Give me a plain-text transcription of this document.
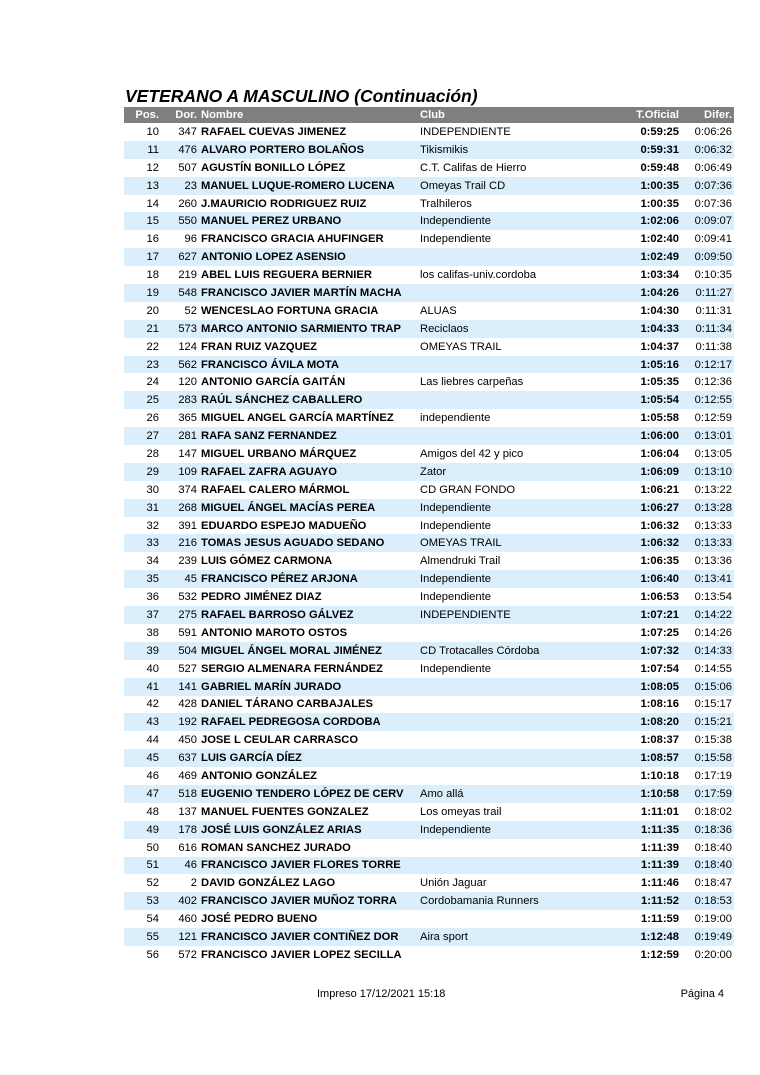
VETERANO A MASCULINO (Continuación)
Pos.	Dor.	Nombre	Club	T.Oficial	Difer.
10	347	RAFAEL CUEVAS JIMENEZ	INDEPENDIENTE	0:59:25	0:06:26
11	476	ALVARO PORTERO BOLAÑOS	Tikismikis	0:59:31	0:06:32
12	507	AGUSTÍN BONILLO LÓPEZ	C.T. Califas de Hierro	0:59:48	0:06:49
13	23	MANUEL LUQUE-ROMERO LUCENA	Omeyas Trail CD	1:00:35	0:07:36
14	260	J.MAURICIO RODRIGUEZ RUIZ	Tralhileros	1:00:35	0:07:36
15	550	MANUEL PEREZ URBANO	Independiente	1:02:06	0:09:07
16	96	FRANCISCO GRACIA AHUFINGER	Independiente	1:02:40	0:09:41
17	627	ANTONIO LOPEZ ASENSIO		1:02:49	0:09:50
18	219	ABEL LUIS REGUERA BERNIER	los califas-univ.cordoba	1:03:34	0:10:35
19	548	FRANCISCO JAVIER MARTÍN MACHA		1:04:26	0:11:27
20	52	WENCESLAO FORTUNA GRACIA	ALUAS	1:04:30	0:11:31
21	573	MARCO ANTONIO SARMIENTO TRAP	Reciclaos	1:04:33	0:11:34
22	124	FRAN RUIZ VAZQUEZ	OMEYAS TRAIL	1:04:37	0:11:38
23	562	FRANCISCO ÁVILA MOTA		1:05:16	0:12:17
24	120	ANTONIO GARCÍA GAITÁN	Las liebres carpeñas	1:05:35	0:12:36
25	283	RAÚL SÁNCHEZ CABALLERO		1:05:54	0:12:55
26	365	MIGUEL ANGEL GARCÍA MARTÍNEZ	independiente	1:05:58	0:12:59
27	281	RAFA SANZ FERNANDEZ		1:06:00	0:13:01
28	147	MIGUEL URBANO MÁRQUEZ	Amigos del 42 y pico	1:06:04	0:13:05
29	109	RAFAEL ZAFRA AGUAYO	Zator	1:06:09	0:13:10
30	374	RAFAEL CALERO MÁRMOL	CD GRAN FONDO	1:06:21	0:13:22
31	268	MIGUEL ÁNGEL MACÍAS PEREA	Independiente	1:06:27	0:13:28
32	391	EDUARDO ESPEJO MADUEÑO	Independiente	1:06:32	0:13:33
33	216	TOMAS JESUS AGUADO SEDANO	OMEYAS TRAIL	1:06:32	0:13:33
34	239	LUIS GÓMEZ CARMONA	Almendruki Trail	1:06:35	0:13:36
35	45	FRANCISCO PÉREZ ARJONA	Independiente	1:06:40	0:13:41
36	532	PEDRO JIMÉNEZ DIAZ	Independiente	1:06:53	0:13:54
37	275	RAFAEL BARROSO GÁLVEZ	INDEPENDIENTE	1:07:21	0:14:22
38	591	ANTONIO MAROTO OSTOS		1:07:25	0:14:26
39	504	MIGUEL ÁNGEL MORAL JIMÉNEZ	CD Trotacalles Córdoba	1:07:32	0:14:33
40	527	SERGIO ALMENARA FERNÁNDEZ	Independiente	1:07:54	0:14:55
41	141	GABRIEL MARÍN JURADO		1:08:05	0:15:06
42	428	DANIEL TÁRANO CARBAJALES		1:08:16	0:15:17
43	192	RAFAEL PEDREGOSA CORDOBA		1:08:20	0:15:21
44	450	JOSE L CEULAR CARRASCO		1:08:37	0:15:38
45	637	LUIS GARCÍA DÍEZ		1:08:57	0:15:58
46	469	ANTONIO GONZÁLEZ		1:10:18	0:17:19
47	518	EUGENIO TENDERO LÓPEZ DE CERV	Amo allá	1:10:58	0:17:59
48	137	MANUEL FUENTES GONZALEZ	Los omeyas trail	1:11:01	0:18:02
49	178	JOSÉ LUIS GONZÁLEZ ARIAS	Independiente	1:11:35	0:18:36
50	616	ROMAN SANCHEZ JURADO		1:11:39	0:18:40
51	46	FRANCISCO JAVIER FLORES TORRE		1:11:39	0:18:40
52	2	DAVID GONZÁLEZ LAGO	Unión Jaguar	1:11:46	0:18:47
53	402	FRANCISCO JAVIER MUÑOZ TORRA	Cordobamania Runners	1:11:52	0:18:53
54	460	JOSÉ PEDRO BUENO		1:11:59	0:19:00
55	121	FRANCISCO JAVIER CONTIÑEZ DOR	Aira sport	1:12:48	0:19:49
56	572	FRANCISCO JAVIER LOPEZ SECILLA		1:12:59	0:20:00
Impreso 17/12/2021 15:18	Página 4
